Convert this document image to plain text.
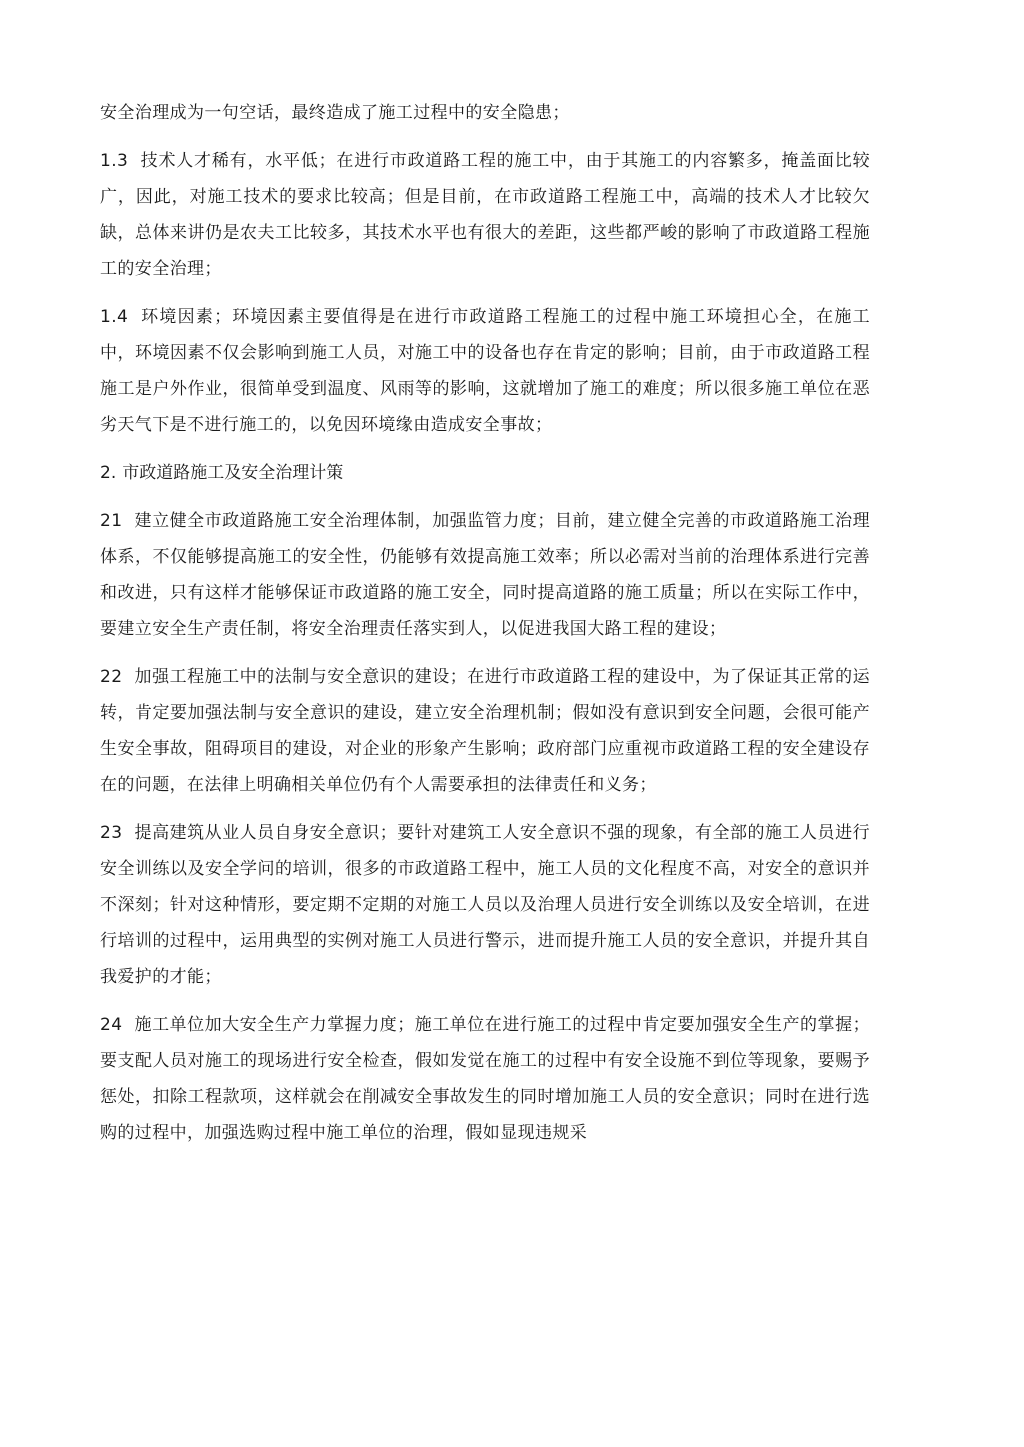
安全治理成为一句空话，最终造成了施工过程中的安全隐患；

1.3 技术人才稀有，水平低；在进行市政道路工程的施工中，由于其施工的内容繁多，掩盖面比较广，因此，对施工技术的要求比较高；但是目前，在市政道路工程施工中，高端的技术人才比较欠缺，总体来讲仍是农夫工比较多，其技术水平也有很大的差距，这些都严峻的影响了市政道路工程施工的安全治理；

1.4 环境因素；环境因素主要值得是在进行市政道路工程施工的过程中施工环境担心全，在施工中，环境因素不仅会影响到施工人员，对施工中的设备也存在肯定的影响；目前，由于市政道路工程施工是户外作业，很简单受到温度、风雨等的影响，这就增加了施工的难度；所以很多施工单位在恶劣天气下是不进行施工的，以免因环境缘由造成安全事故；

2. 市政道路施工及安全治理计策

21 建立健全市政道路施工安全治理体制，加强监管力度；目前，建立健全完善的市政道路施工治理体系，不仅能够提高施工的安全性，仍能够有效提高施工效率；所以必需对当前的治理体系进行完善和改进，只有这样才能够保证市政道路的施工安全，同时提高道路的施工质量；所以在实际工作中，要建立安全生产责任制，将安全治理责任落实到人，以促进我国大路工程的建设；

22 加强工程施工中的法制与安全意识的建设；在进行市政道路工程的建设中，为了保证其正常的运转，肯定要加强法制与安全意识的建设，建立安全治理机制；假如没有意识到安全问题，会很可能产生安全事故，阻碍项目的建设，对企业的形象产生影响；政府部门应重视市政道路工程的安全建设存在的问题，在法律上明确相关单位仍有个人需要承担的法律责任和义务；

23 提高建筑从业人员自身安全意识；要针对建筑工人安全意识不强的现象，有全部的施工人员进行安全训练以及安全学问的培训，很多的市政道路工程中，施工人员的文化程度不高，对安全的意识并不深刻；针对这种情形，要定期不定期的对施工人员以及治理人员进行安全训练以及安全培训，在进行培训的过程中，运用典型的实例对施工人员进行警示，进而提升施工人员的安全意识，并提升其自我爱护的才能；

24 施工单位加大安全生产力掌握力度；施工单位在进行施工的过程中肯定要加强安全生产的掌握；要支配人员对施工的现场进行安全检查，假如发觉在施工的过程中有安全设施不到位等现象，要赐予惩处，扣除工程款项，这样就会在削减安全事故发生的同时增加施工人员的安全意识；同时在进行选购的过程中，加强选购过程中施工单位的治理，假如显现违规采
